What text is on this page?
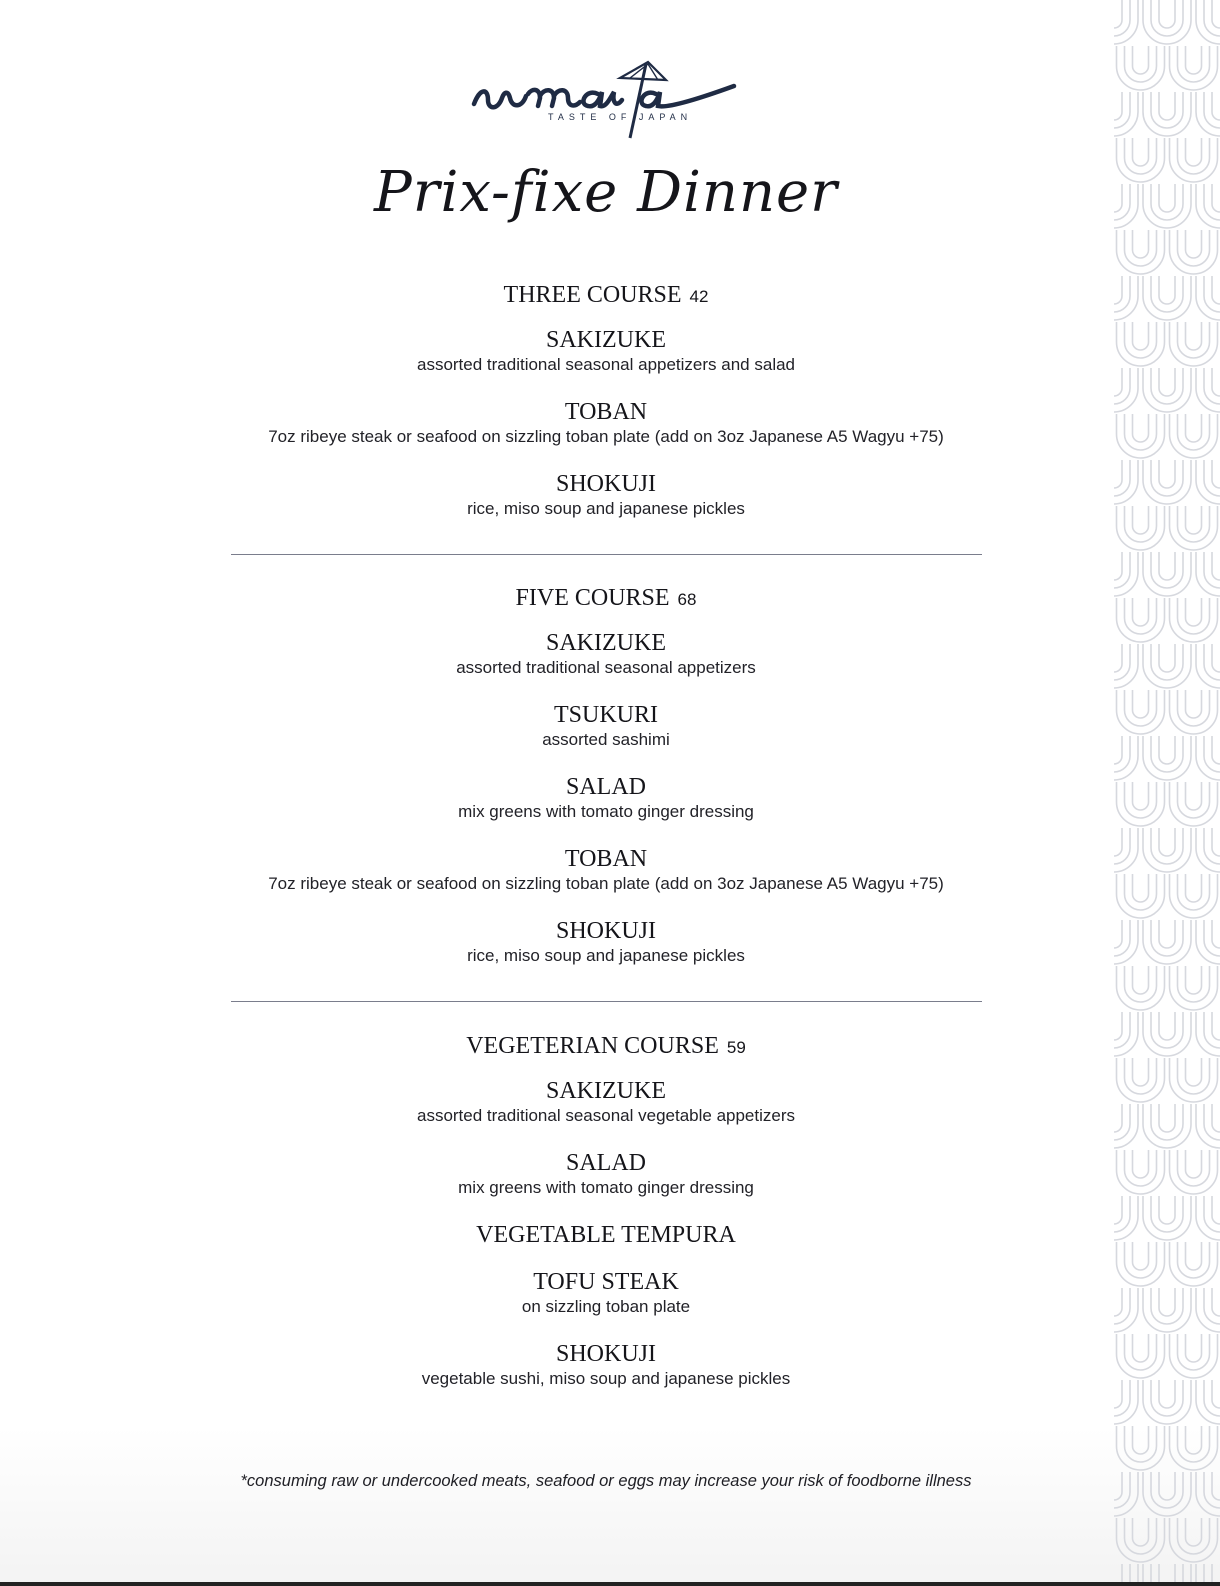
TASTE OF JAPAN
Prix-fixe Dinner
THREE COURSE 42
SAKIZUKE
assorted traditional seasonal appetizers and salad
TOBAN
7oz ribeye steak or seafood on sizzling toban plate (add on 3oz Japanese A5 Wagyu +75)
SHOKUJI
rice, miso soup and japanese pickles
FIVE COURSE 68
SAKIZUKE
assorted traditional seasonal appetizers
TSUKURI
assorted sashimi
SALAD
mix greens with tomato ginger dressing
TOBAN
7oz ribeye steak or seafood on sizzling toban plate (add on 3oz Japanese A5 Wagyu +75)
SHOKUJI
rice, miso soup and japanese pickles
VEGETERIAN COURSE 59
SAKIZUKE
assorted traditional seasonal vegetable appetizers
SALAD
mix greens with tomato ginger dressing
VEGETABLE TEMPURA
TOFU STEAK
on sizzling toban plate
SHOKUJI
vegetable sushi, miso soup and japanese pickles
*consuming raw or undercooked meats, seafood or eggs may increase your risk of foodborne illness
